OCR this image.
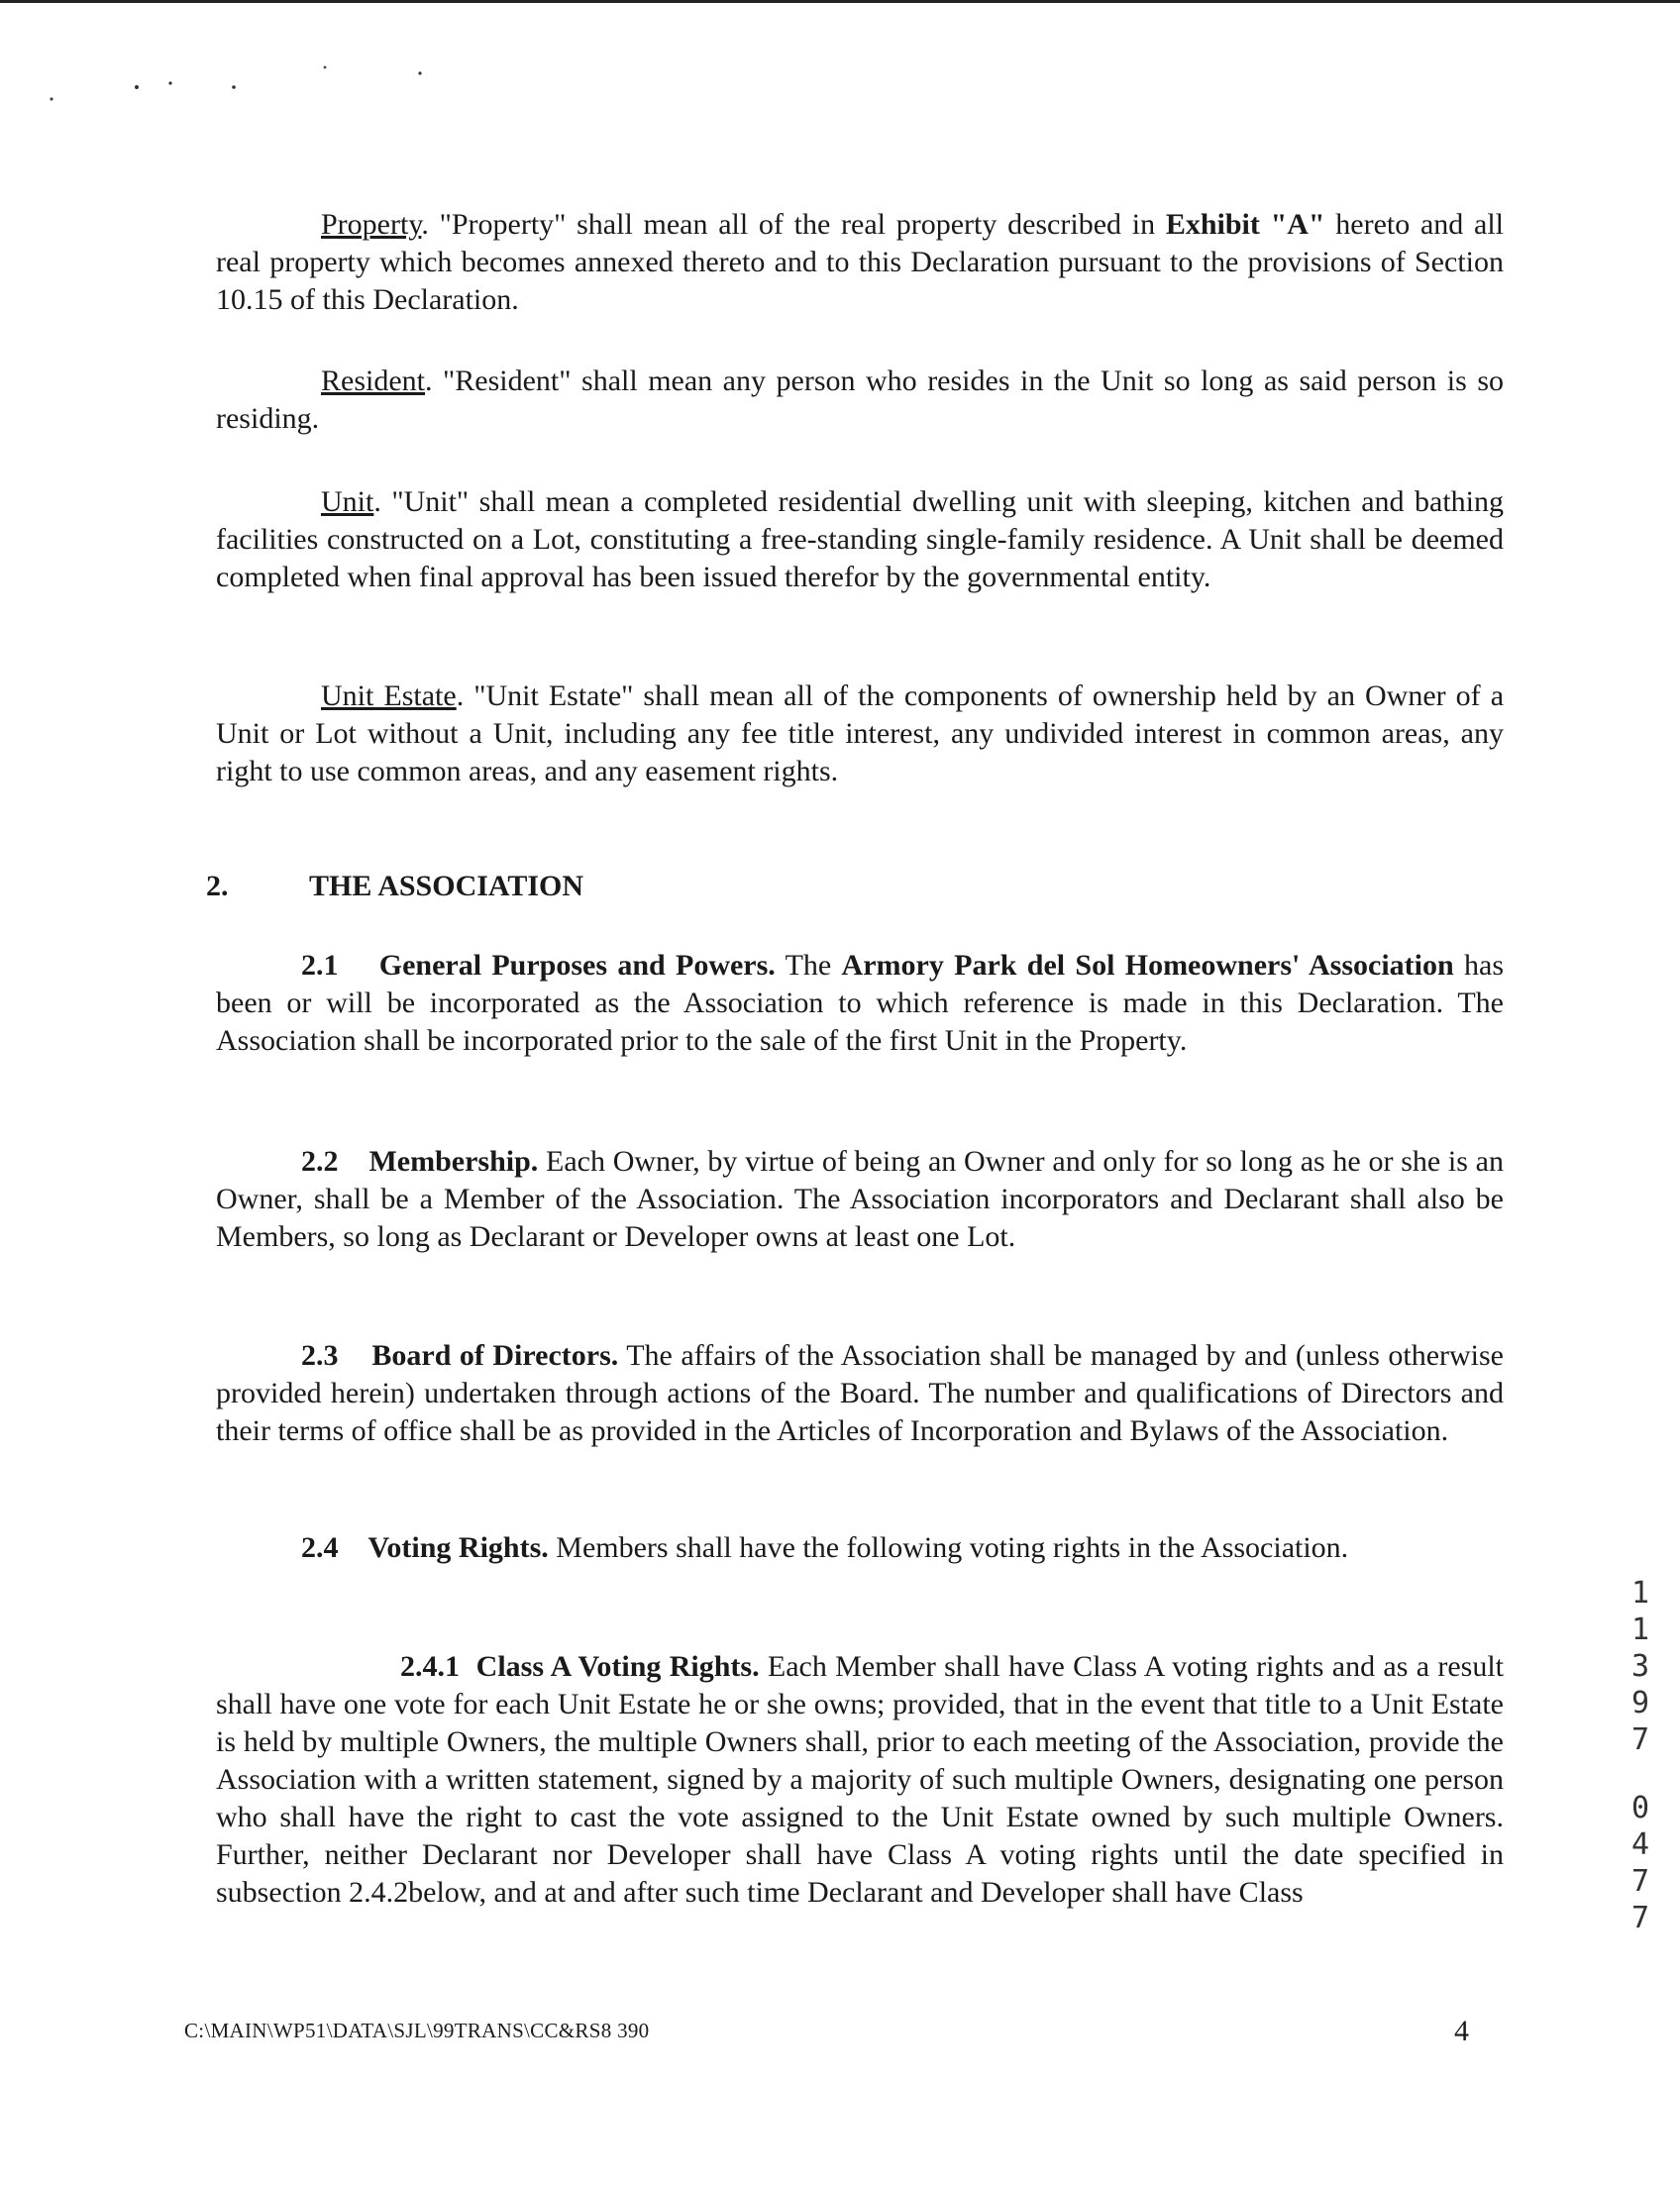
Property. "Property" shall mean all of the real property described in Exhibit "A" hereto and all real property which becomes annexed thereto and to this Declaration pursuant to the provisions of Section 10.15 of this Declaration.

Resident. "Resident" shall mean any person who resides in the Unit so long as said person is so residing.

Unit. "Unit" shall mean a completed residential dwelling unit with sleeping, kitchen and bathing facilities constructed on a Lot, constituting a free-standing single-family residence. A Unit shall be deemed completed when final approval has been issued therefor by the governmental entity.

Unit Estate. "Unit Estate" shall mean all of the components of ownership held by an Owner of a Unit or Lot without a Unit, including any fee title interest, any undivided interest in common areas, any right to use common areas, and any easement rights.

2.	THE ASSOCIATION

2.1 General Purposes and Powers. The Armory Park del Sol Homeowners' Association has been or will be incorporated as the Association to which reference is made in this Declaration. The Association shall be incorporated prior to the sale of the first Unit in the Property.

2.2 Membership. Each Owner, by virtue of being an Owner and only for so long as he or she is an Owner, shall be a Member of the Association. The Association incorporators and Declarant shall also be Members, so long as Declarant or Developer owns at least one Lot.

2.3 Board of Directors. The affairs of the Association shall be managed by and (unless otherwise provided herein) undertaken through actions of the Board. The number and qualifications of Directors and their terms of office shall be as provided in the Articles of Incorporation and Bylaws of the Association.

2.4 Voting Rights. Members shall have the following voting rights in the Association.

2.4.1 Class A Voting Rights. Each Member shall have Class A voting rights and as a result shall have one vote for each Unit Estate he or she owns; provided, that in the event that title to a Unit Estate is held by multiple Owners, the multiple Owners shall, prior to each meeting of the Association, provide the Association with a written statement, signed by a majority of such multiple Owners, designating one person who shall have the right to cast the vote assigned to the Unit Estate owned by such multiple Owners. Further, neither Declarant nor Developer shall have Class A voting rights until the date specified in subsection 2.4.2below, and at and after such time Declarant and Developer shall have Class

C:\MAIN\WP51\DATA\SJL\99TRANS\CC&RS8 390	4
1
1
3
9
7
0
4
7
7
